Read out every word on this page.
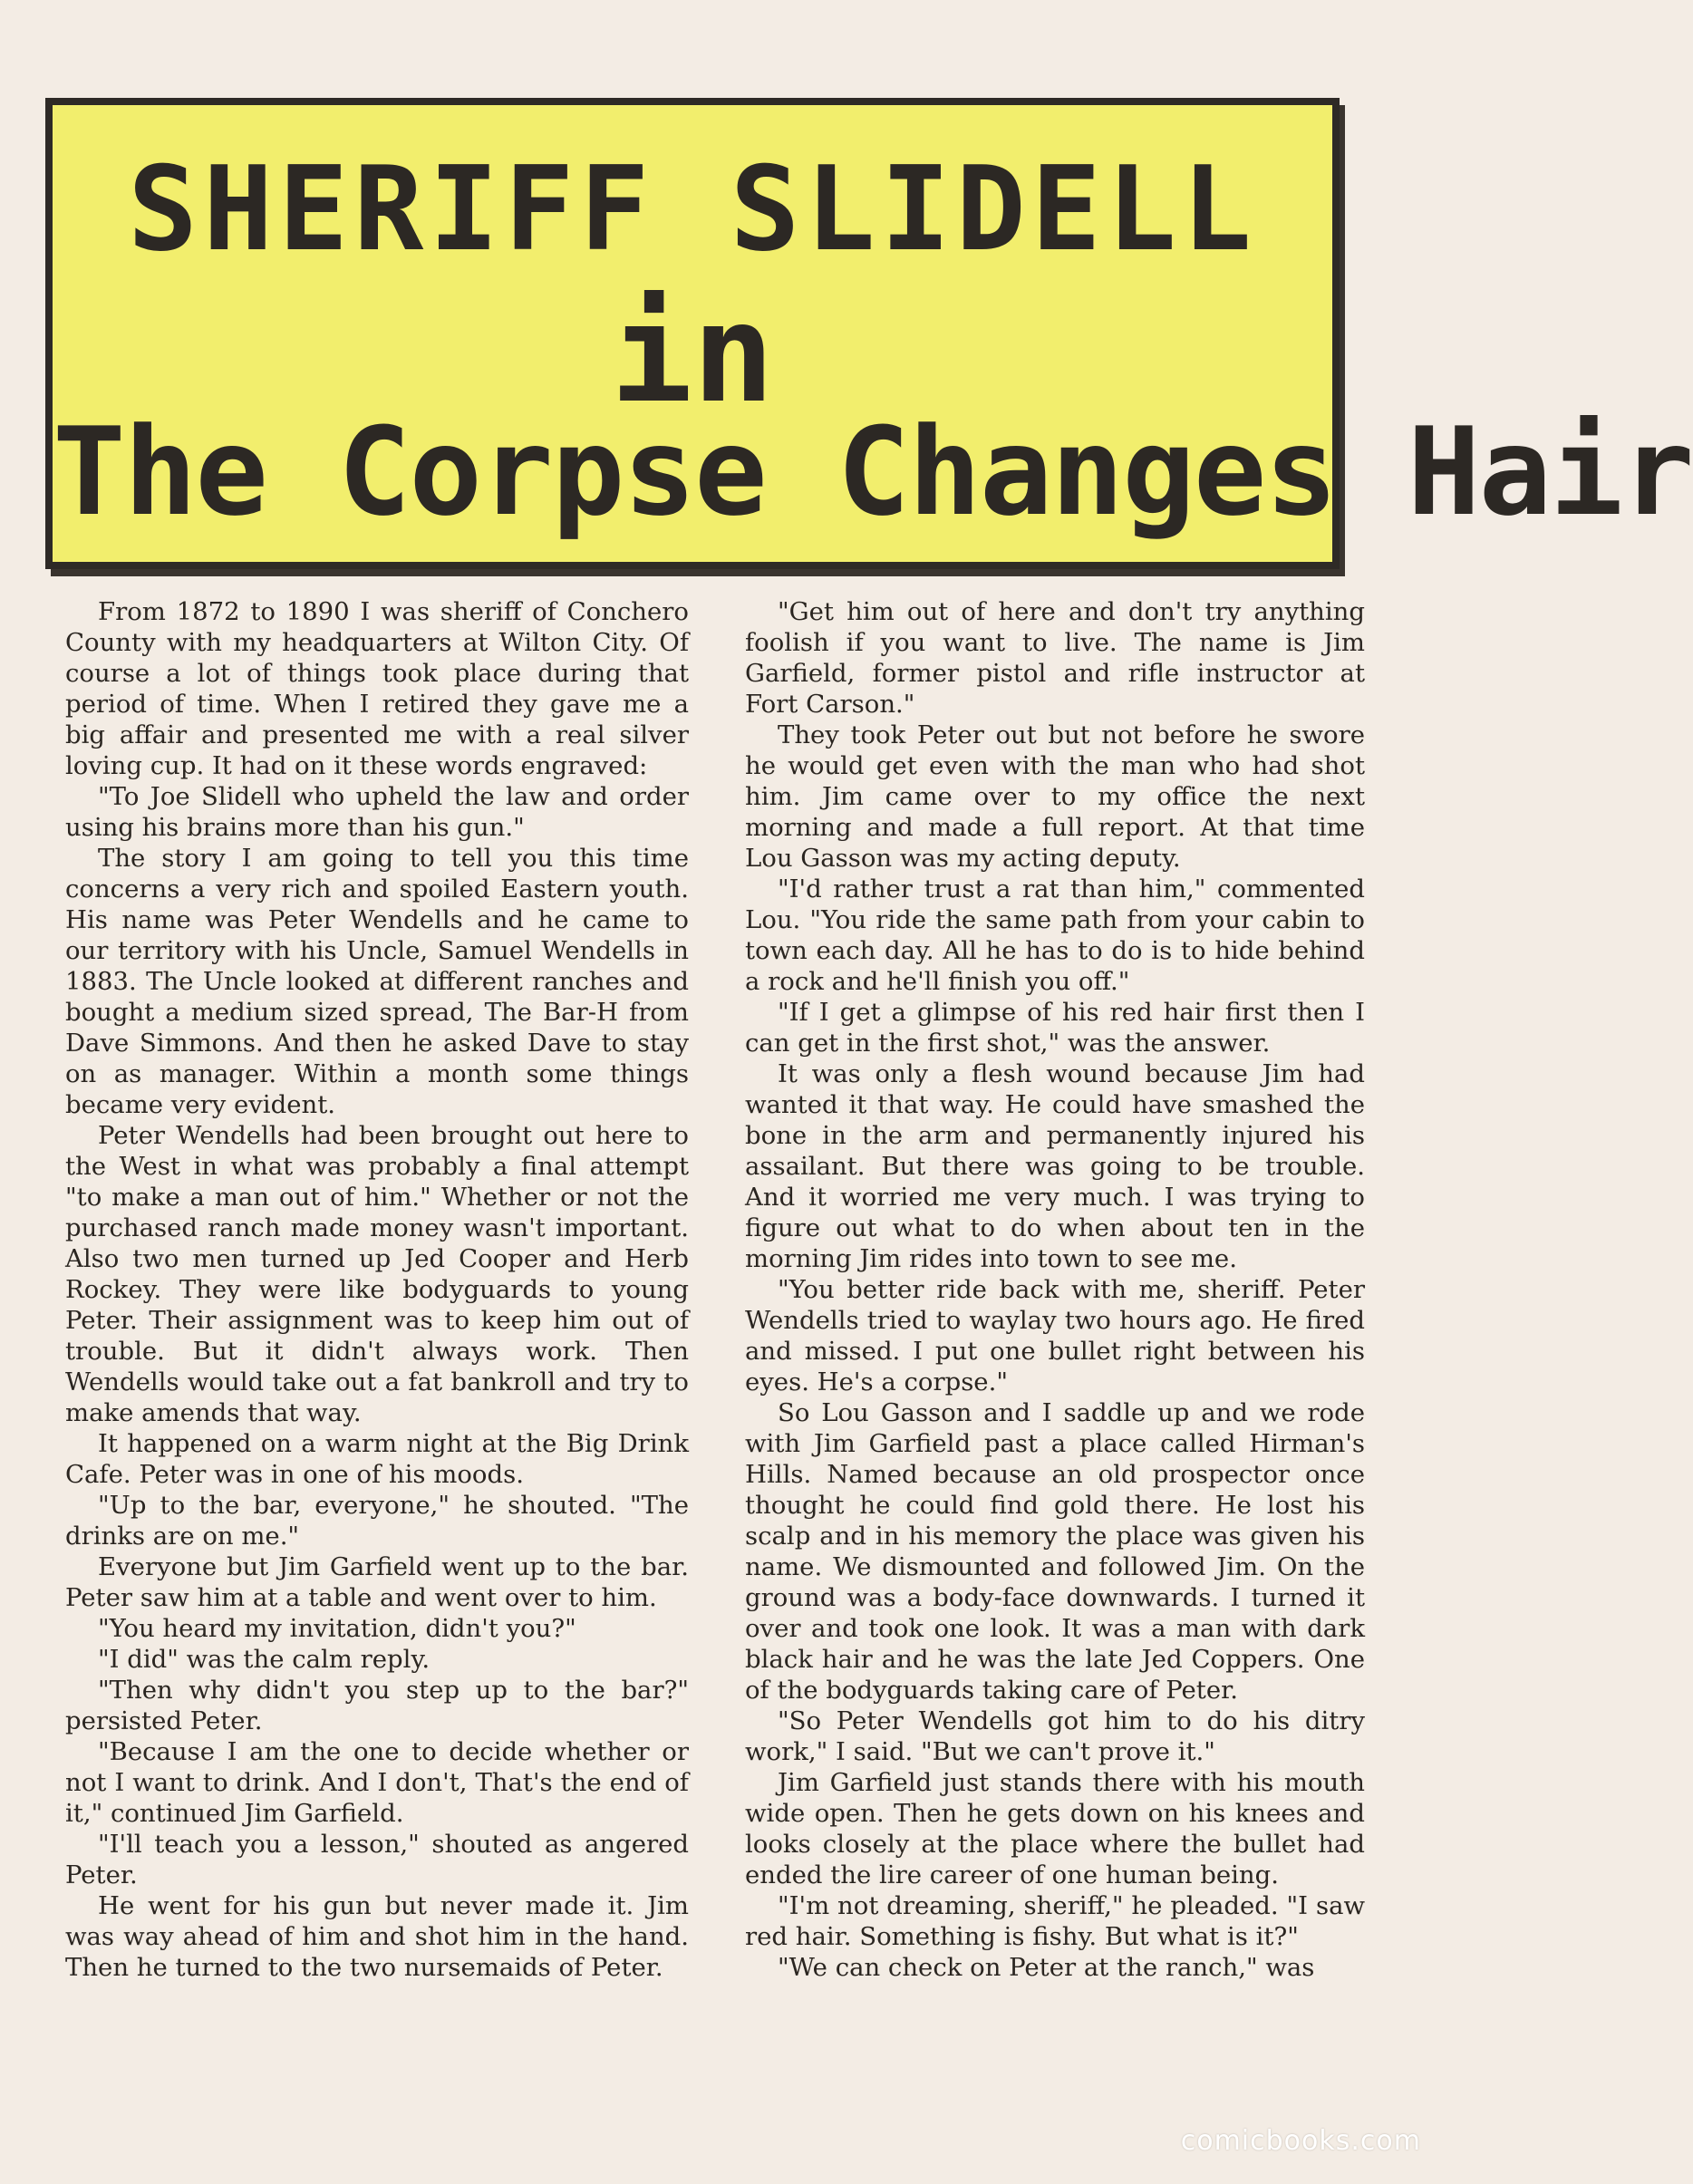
SHERIFF SLIDELL
in
The Corpse Changes Hair

From 1872 to 1890 I was sheriff of Conchero County with my headquarters at Wilton City. Of course a lot of things took place during that period of time. When I retired they gave me a big affair and presented me with a real silver loving cup. It had on it these words engraved:

"To Joe Slidell who upheld the law and order using his brains more than his gun."

The story I am going to tell you this time concerns a very rich and spoiled Eastern youth. His name was Peter Wendells and he came to our territory with his Uncle, Samuel Wendells in 1883. The Uncle looked at different ranches and bought a medium sized spread, The Bar-H from Dave Simmons. And then he asked Dave to stay on as manager. Within a month some things became very evident.

Peter Wendells had been brought out here to the West in what was probably a final attempt "to make a man out of him." Whether or not the purchased ranch made money wasn't important. Also two men turned up Jed Cooper and Herb Rockey. They were like bodyguards to young Peter. Their assignment was to keep him out of trouble. But it didn't always work. Then Wendells would take out a fat bankroll and try to make amends that way.

It happened on a warm night at the Big Drink Cafe. Peter was in one of his moods.

"Up to the bar, everyone," he shouted. "The drinks are on me."

Everyone but Jim Garfield went up to the bar. Peter saw him at a table and went over to him.

"You heard my invitation, didn't you?"

"I did" was the calm reply.

"Then why didn't you step up to the bar?" persisted Peter.

"Because I am the one to decide whether or not I want to drink. And I don't, That's the end of it," continued Jim Garfield.

"I'll teach you a lesson," shouted as angered Peter.

He went for his gun but never made it. Jim was way ahead of him and shot him in the hand. Then he turned to the two nursemaids of Peter.

"Get him out of here and don't try anything foolish if you want to live. The name is Jim Garfield, former pistol and rifle instructor at Fort Carson."

They took Peter out but not before he swore he would get even with the man who had shot him. Jim came over to my office the next morning and made a full report. At that time Lou Gasson was my acting deputy.

"I'd rather trust a rat than him," commented Lou. "You ride the same path from your cabin to town each day. All he has to do is to hide behind a rock and he'll finish you off."

"If I get a glimpse of his red hair first then I can get in the first shot," was the answer.

It was only a flesh wound because Jim had wanted it that way. He could have smashed the bone in the arm and permanently injured his assailant. But there was going to be trouble. And it worried me very much. I was trying to figure out what to do when about ten in the morning Jim rides into town to see me.

"You better ride back with me, sheriff. Peter Wendells tried to waylay two hours ago. He fired and missed. I put one bullet right between his eyes. He's a corpse."

So Lou Gasson and I saddle up and we rode with Jim Garfield past a place called Hirman's Hills. Named because an old prospector once thought he could find gold there. He lost his scalp and in his memory the place was given his name. We dismounted and followed Jim. On the ground was a body-face downwards. I turned it over and took one look. It was a man with dark black hair and he was the late Jed Coppers. One of the bodyguards taking care of Peter.

"So Peter Wendells got him to do his ditry work," I said. "But we can't prove it."

Jim Garfield just stands there with his mouth wide open. Then he gets down on his knees and looks closely at the place where the bullet had ended the lire career of one human being.

"I'm not dreaming, sheriff," he pleaded. "I saw red hair. Something is fishy. But what is it?"

"We can check on Peter at the ranch," was

comicbooks.com
